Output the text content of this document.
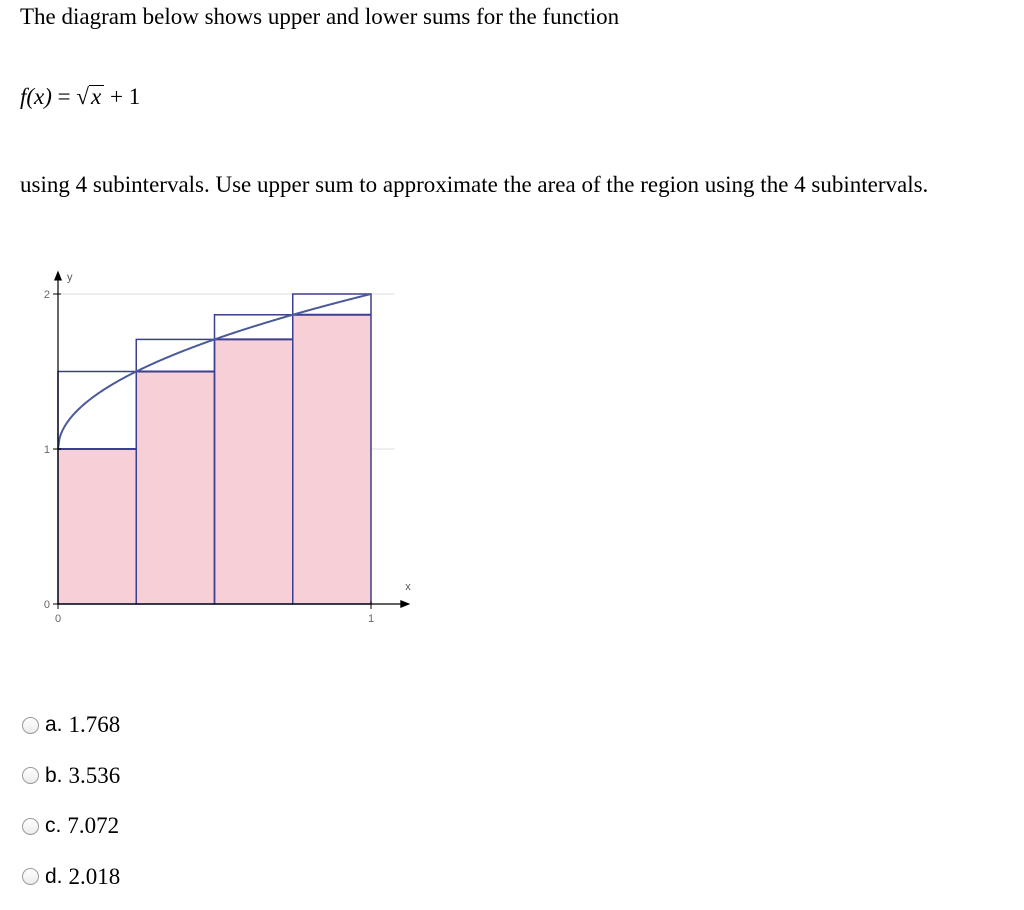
The diagram below shows upper and lower sums for the function
f(x) = √x + 1
using 4 subintervals. Use upper sum to approximate the area of the region using the 4 subintervals.
0
1
2
0	1
y
x
a. 1.768
b. 3.536
c. 7.072
d. 2.018
